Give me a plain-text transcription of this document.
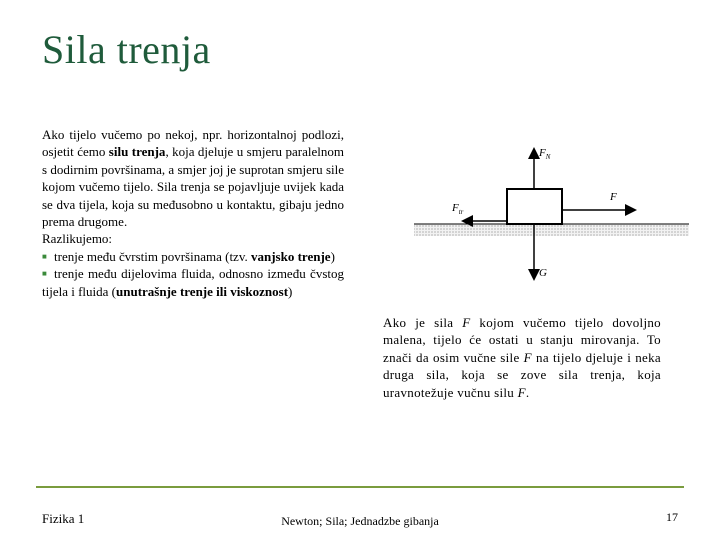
Sila trenja

Ako tijelo vučemo po nekoj, npr. horizontalnoj podlozi, osjetit ćemo silu trenja, koja djeluje u smjeru paralelnom s dodirnim površinama, a smjer joj je suprotan smjeru sile kojom vučemo tijelo. Sila trenja se pojavljuje uvijek kada se dva tijela, koja su međusobno u kontaktu, gibaju jedno prema drugome.

Razlikujemo:

■ trenje među čvrstim površinama (tzv. vanjsko trenje)

■ trenje među dijelovima fluida, odnosno između čvstog tijela i fluida (unutrašnje trenje ili viskoznost)

$F_N$
F
$F_{tr}$
G
Ako je sila F kojom vučemo tijelo dovoljno malena, tijelo će ostati u stanju mirovanja. To znači da osim vučne sile F na tijelo djeluje i neka druga sila, koja se zove sila trenja, koja uravnotežuje vučnu silu F.
Fizika 1	Newton; Sila; Jednadzbe gibanja	17
